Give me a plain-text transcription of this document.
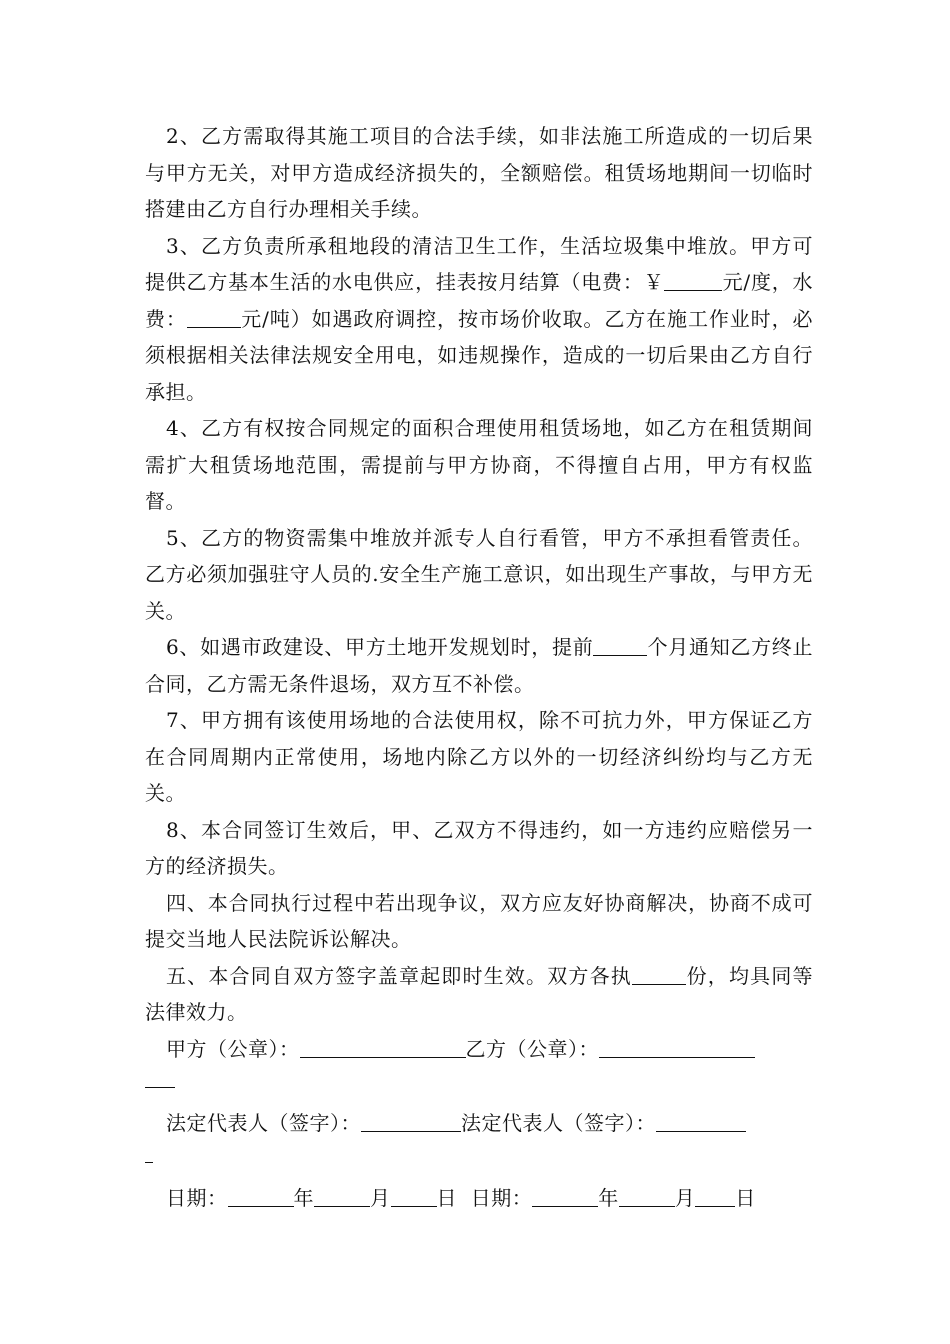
2、乙方需取得其施工项目的合法手续，如非法施工所造成的一切后果与甲方无关，对甲方造成经济损失的，全额赔偿。租赁场地期间一切临时搭建由乙方自行办理相关手续。

3、乙方负责所承租地段的清洁卫生工作，生活垃圾集中堆放。甲方可提供乙方基本生活的水电供应，挂表按月结算（电费：￥	元/度，水费：	元/吨）如遇政府调控，按市场价收取。乙方在施工作业时，必须根据相关法律法规安全用电，如违规操作，造成的一切后果由乙方自行承担。

4、乙方有权按合同规定的面积合理使用租赁场地，如乙方在租赁期间需扩大租赁场地范围，需提前与甲方协商，不得擅自占用，甲方有权监督。

5、乙方的物资需集中堆放并派专人自行看管，甲方不承担看管责任。乙方必须加强驻守人员的.安全生产施工意识，如出现生产事故，与甲方无关。

6、如遇市政建设、甲方土地开发规划时，提前	个月通知乙方终止合同，乙方需无条件退场，双方互不补偿。

7、甲方拥有该使用场地的合法使用权，除不可抗力外，甲方保证乙方在合同周期内正常使用，场地内除乙方以外的一切经济纠纷均与乙方无关。

8、本合同签订生效后，甲、乙双方不得违约，如一方违约应赔偿另一方的经济损失。

四、本合同执行过程中若出现争议，双方应友好协商解决，协商不成可提交当地人民法院诉讼解决。

五、本合同自双方签字盖章起即时生效。双方各执	份，均具同等法律效力。

甲方（公章）：	乙方（公章）：

法定代表人（签字）：	法定代表人（签字）：

日期：	年	月 日 日期：	年	月 日
